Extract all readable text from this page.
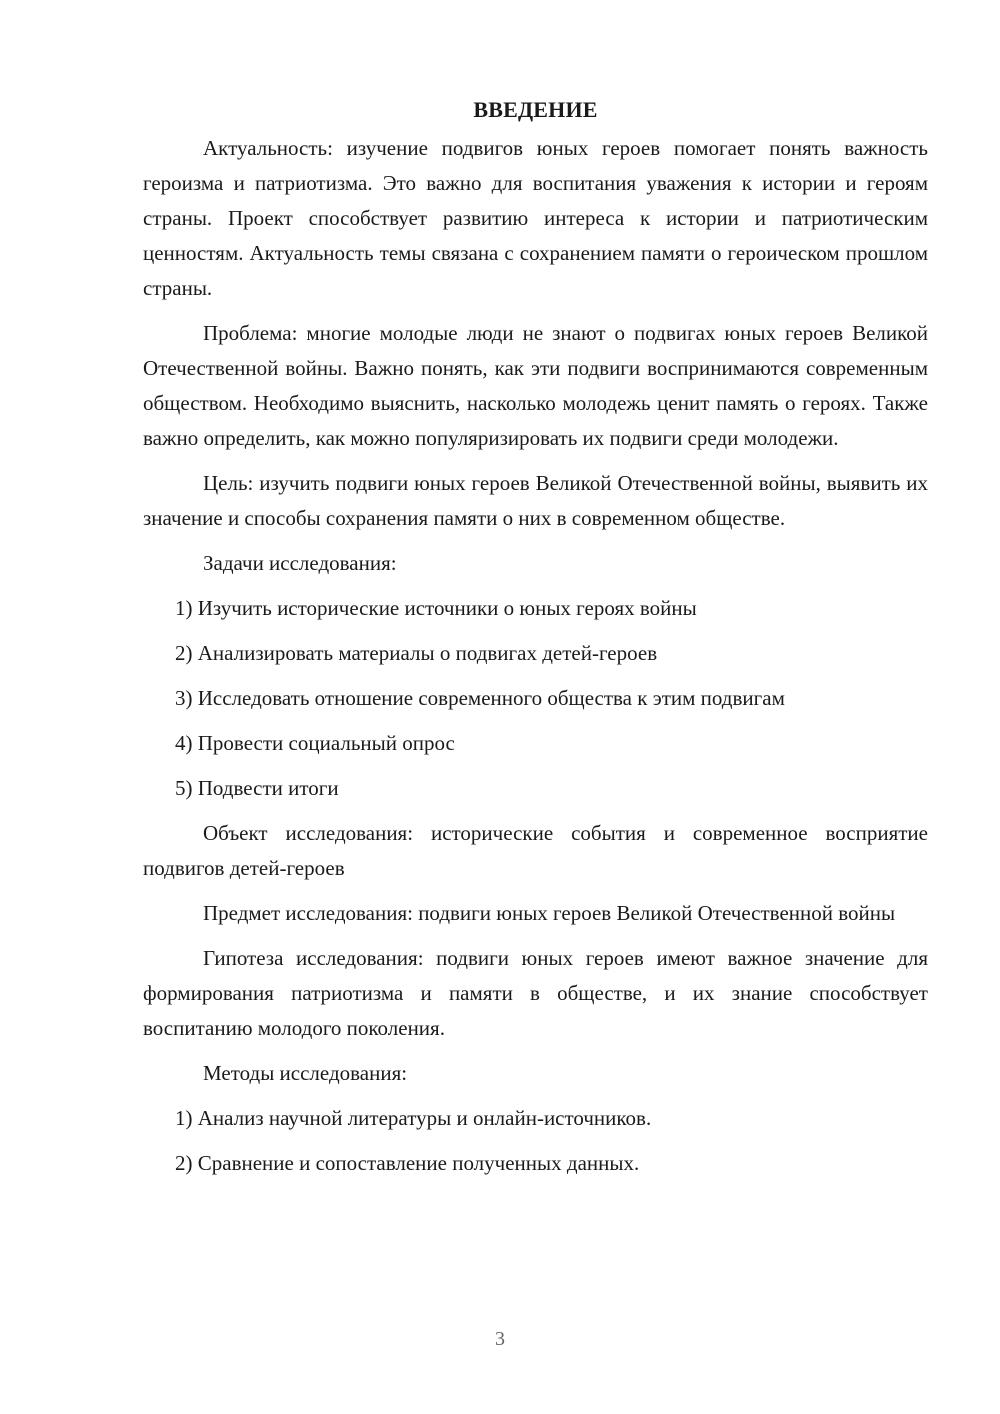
ВВЕДЕНИЕ

Актуальность: изучение подвигов юных героев помогает понять важность героизма и патриотизма. Это важно для воспитания уважения к истории и героям страны. Проект способствует развитию интереса к истории и патриотическим ценностям. Актуальность темы связана с сохранением памяти о героическом прошлом страны.

Проблема: многие молодые люди не знают о подвигах юных героев Великой Отечественной войны. Важно понять, как эти подвиги воспринимаются современным обществом. Необходимо выяснить, насколько молодежь ценит память о героях. Также важно определить, как можно популяризировать их подвиги среди молодежи.

Цель: изучить подвиги юных героев Великой Отечественной войны, выявить их значение и способы сохранения памяти о них в современном обществе.

Задачи исследования:

1) Изучить исторические источники о юных героях войны
2) Анализировать материалы о подвигах детей-героев
3) Исследовать отношение современного общества к этим подвигам
4) Провести социальный опрос
5) Подвести итоги

Объект исследования: исторические события и современное восприятие подвигов детей-героев

Предмет исследования: подвиги юных героев Великой Отечественной войны

Гипотеза исследования: подвиги юных героев имеют важное значение для формирования патриотизма и памяти в обществе, и их знание способствует воспитанию молодого поколения.

Методы исследования:

1) Анализ научной литературы и онлайн-источников.
2) Сравнение и сопоставление полученных данных.
3
